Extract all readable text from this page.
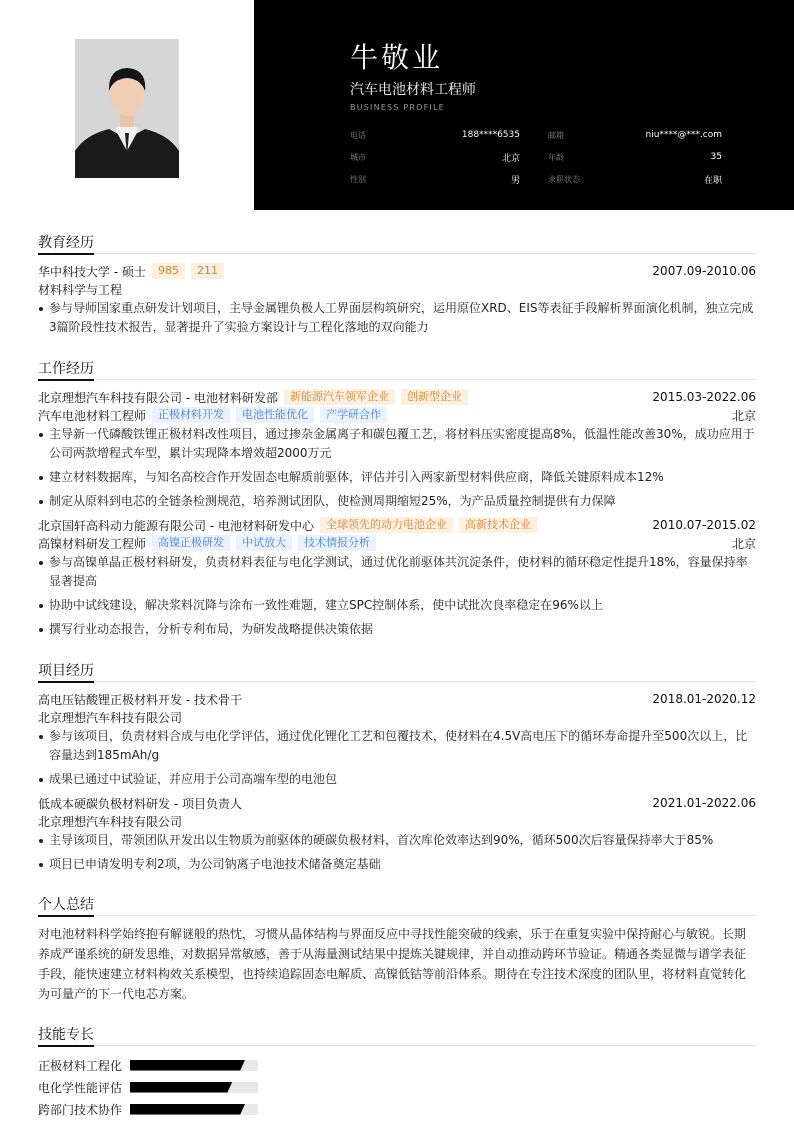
牛敬业
汽车电池材料工程师
BUSINESS PROFILE
电话	188****6535	邮箱	niu****@***.com
城市	北京	年龄	35
性别	男	求职状态	在职
教育经历
华中科技大学 - 硕士	985	211	2007.09-2010.06
材料科学与工程
参与导师国家重点研发计划项目，主导金属锂负极人工界面层构筑研究，运用原位XRD、EIS等表征手段解析界面演化机制，独立完成3篇阶段性技术报告，显著提升了实验方案设计与工程化落地的双向能力
工作经历
北京理想汽车科技有限公司 - 电池材料研发部	新能源汽车领军企业	创新型企业	2015.03-2022.06
汽车电池材料工程师	正极材料开发	电池性能优化	产学研合作	北京
主导新一代磷酸铁锂正极材料改性项目，通过掺杂金属离子和碳包覆工艺，将材料压实密度提高8%，低温性能改善30%，成功应用于公司两款增程式车型，累计实现降本增效超2000万元
建立材料数据库，与知名高校合作开发固态电解质前驱体，评估并引入两家新型材料供应商，降低关键原料成本12%
制定从原料到电芯的全链条检测规范，培养测试团队，使检测周期缩短25%，为产品质量控制提供有力保障
北京国轩高科动力能源有限公司 - 电池材料研发中心	全球领先的动力电池企业	高新技术企业	2010.07-2015.02
高镍材料研发工程师	高镍正极研发	中试放大	技术情报分析	北京
参与高镍单晶正极材料研发，负责材料表征与电化学测试，通过优化前驱体共沉淀条件，使材料的循环稳定性提升18%，容量保持率显著提高
协助中试线建设，解决浆料沉降与涂布一致性难题，建立SPC控制体系，使中试批次良率稳定在96%以上
撰写行业动态报告，分析专利布局，为研发战略提供决策依据
项目经历
高电压钴酸锂正极材料开发 - 技术骨干	2018.01-2020.12
北京理想汽车科技有限公司
参与该项目，负责材料合成与电化学评估，通过优化锂化工艺和包覆技术，使材料在4.5V高电压下的循环寿命提升至500次以上，比容量达到185mAh/g
成果已通过中试验证，并应用于公司高端车型的电池包
低成本硬碳负极材料研发 - 项目负责人	2021.01-2022.06
北京理想汽车科技有限公司
主导该项目，带领团队开发出以生物质为前驱体的硬碳负极材料，首次库伦效率达到90%，循环500次后容量保持率大于85%
项目已申请发明专利2项，为公司钠离子电池技术储备奠定基础
个人总结
对电池材料科学始终抱有解谜般的热忱，习惯从晶体结构与界面反应中寻找性能突破的线索，乐于在重复实验中保持耐心与敏锐。长期养成严谨系统的研发思维，对数据异常敏感，善于从海量测试结果中提炼关键规律，并自动推动跨环节验证。精通各类显微与谱学表征手段，能快速建立材料构效关系模型，也持续追踪固态电解质、高镍低钴等前沿体系。期待在专注技术深度的团队里，将材料直觉转化为可量产的下一代电芯方案。
技能专长
正极材料工程化
电化学性能评估
跨部门技术协作
